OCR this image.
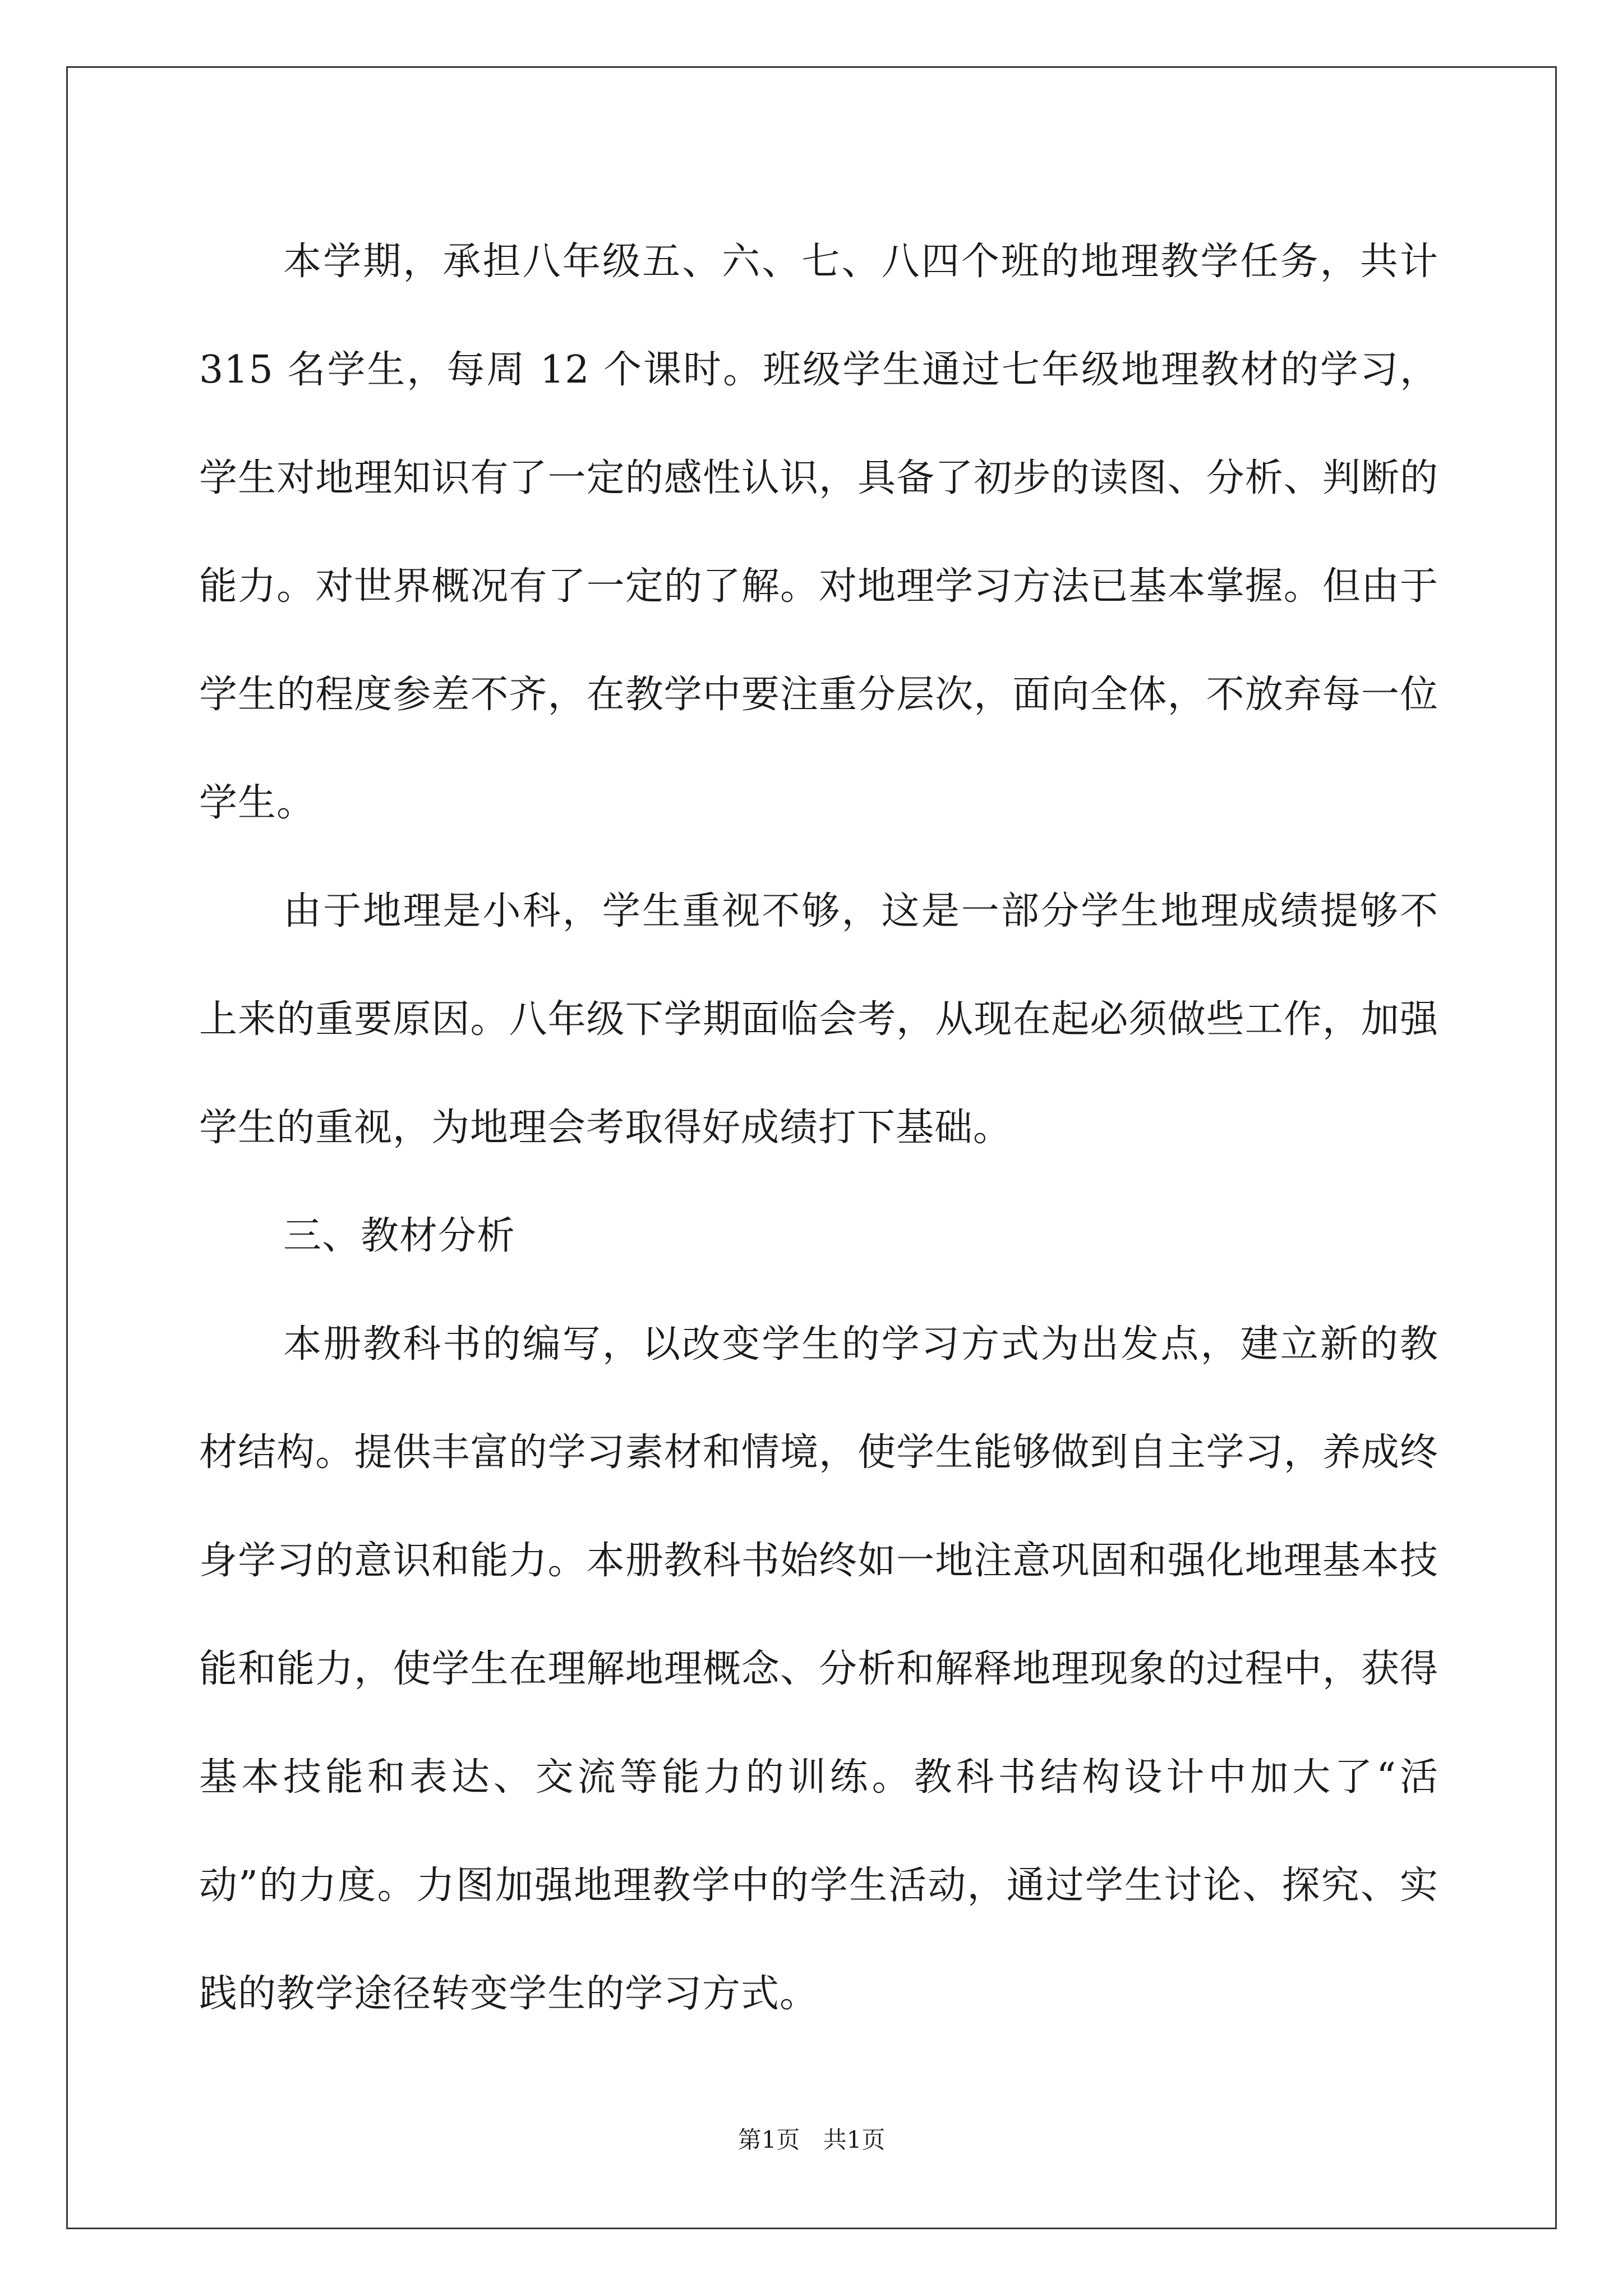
本学期，承担八年级五、六、七、八四个班的地理教学任务，共计 315 名学生，每周 12 个课时。班级学生通过七年级地理教材的学习，学生对地理知识有了一定的感性认识，具备了初步的读图、分析、判断的能力。对世界概况有了一定的了解。对地理学习方法已基本掌握。但由于学生的程度参差不齐，在教学中要注重分层次，面向全体，不放弃每一位学生。

由于地理是小科，学生重视不够，这是一部分学生地理成绩提够不上来的重要原因。八年级下学期面临会考，从现在起必须做些工作，加强学生的重视，为地理会考取得好成绩打下基础。

三、教材分析

本册教科书的编写，以改变学生的学习方式为出发点，建立新的教材结构。提供丰富的学习素材和情境，使学生能够做到自主学习，养成终身学习的意识和能力。本册教科书始终如一地注意巩固和强化地理基本技能和能力，使学生在理解地理概念、分析和解释地理现象的过程中，获得基本技能和表达、交流等能力的训练。教科书结构设计中加大了“活动”的力度。力图加强地理教学中的学生活动，通过学生讨论、探究、实践的教学途径转变学生的学习方式。

第1页 共1页
